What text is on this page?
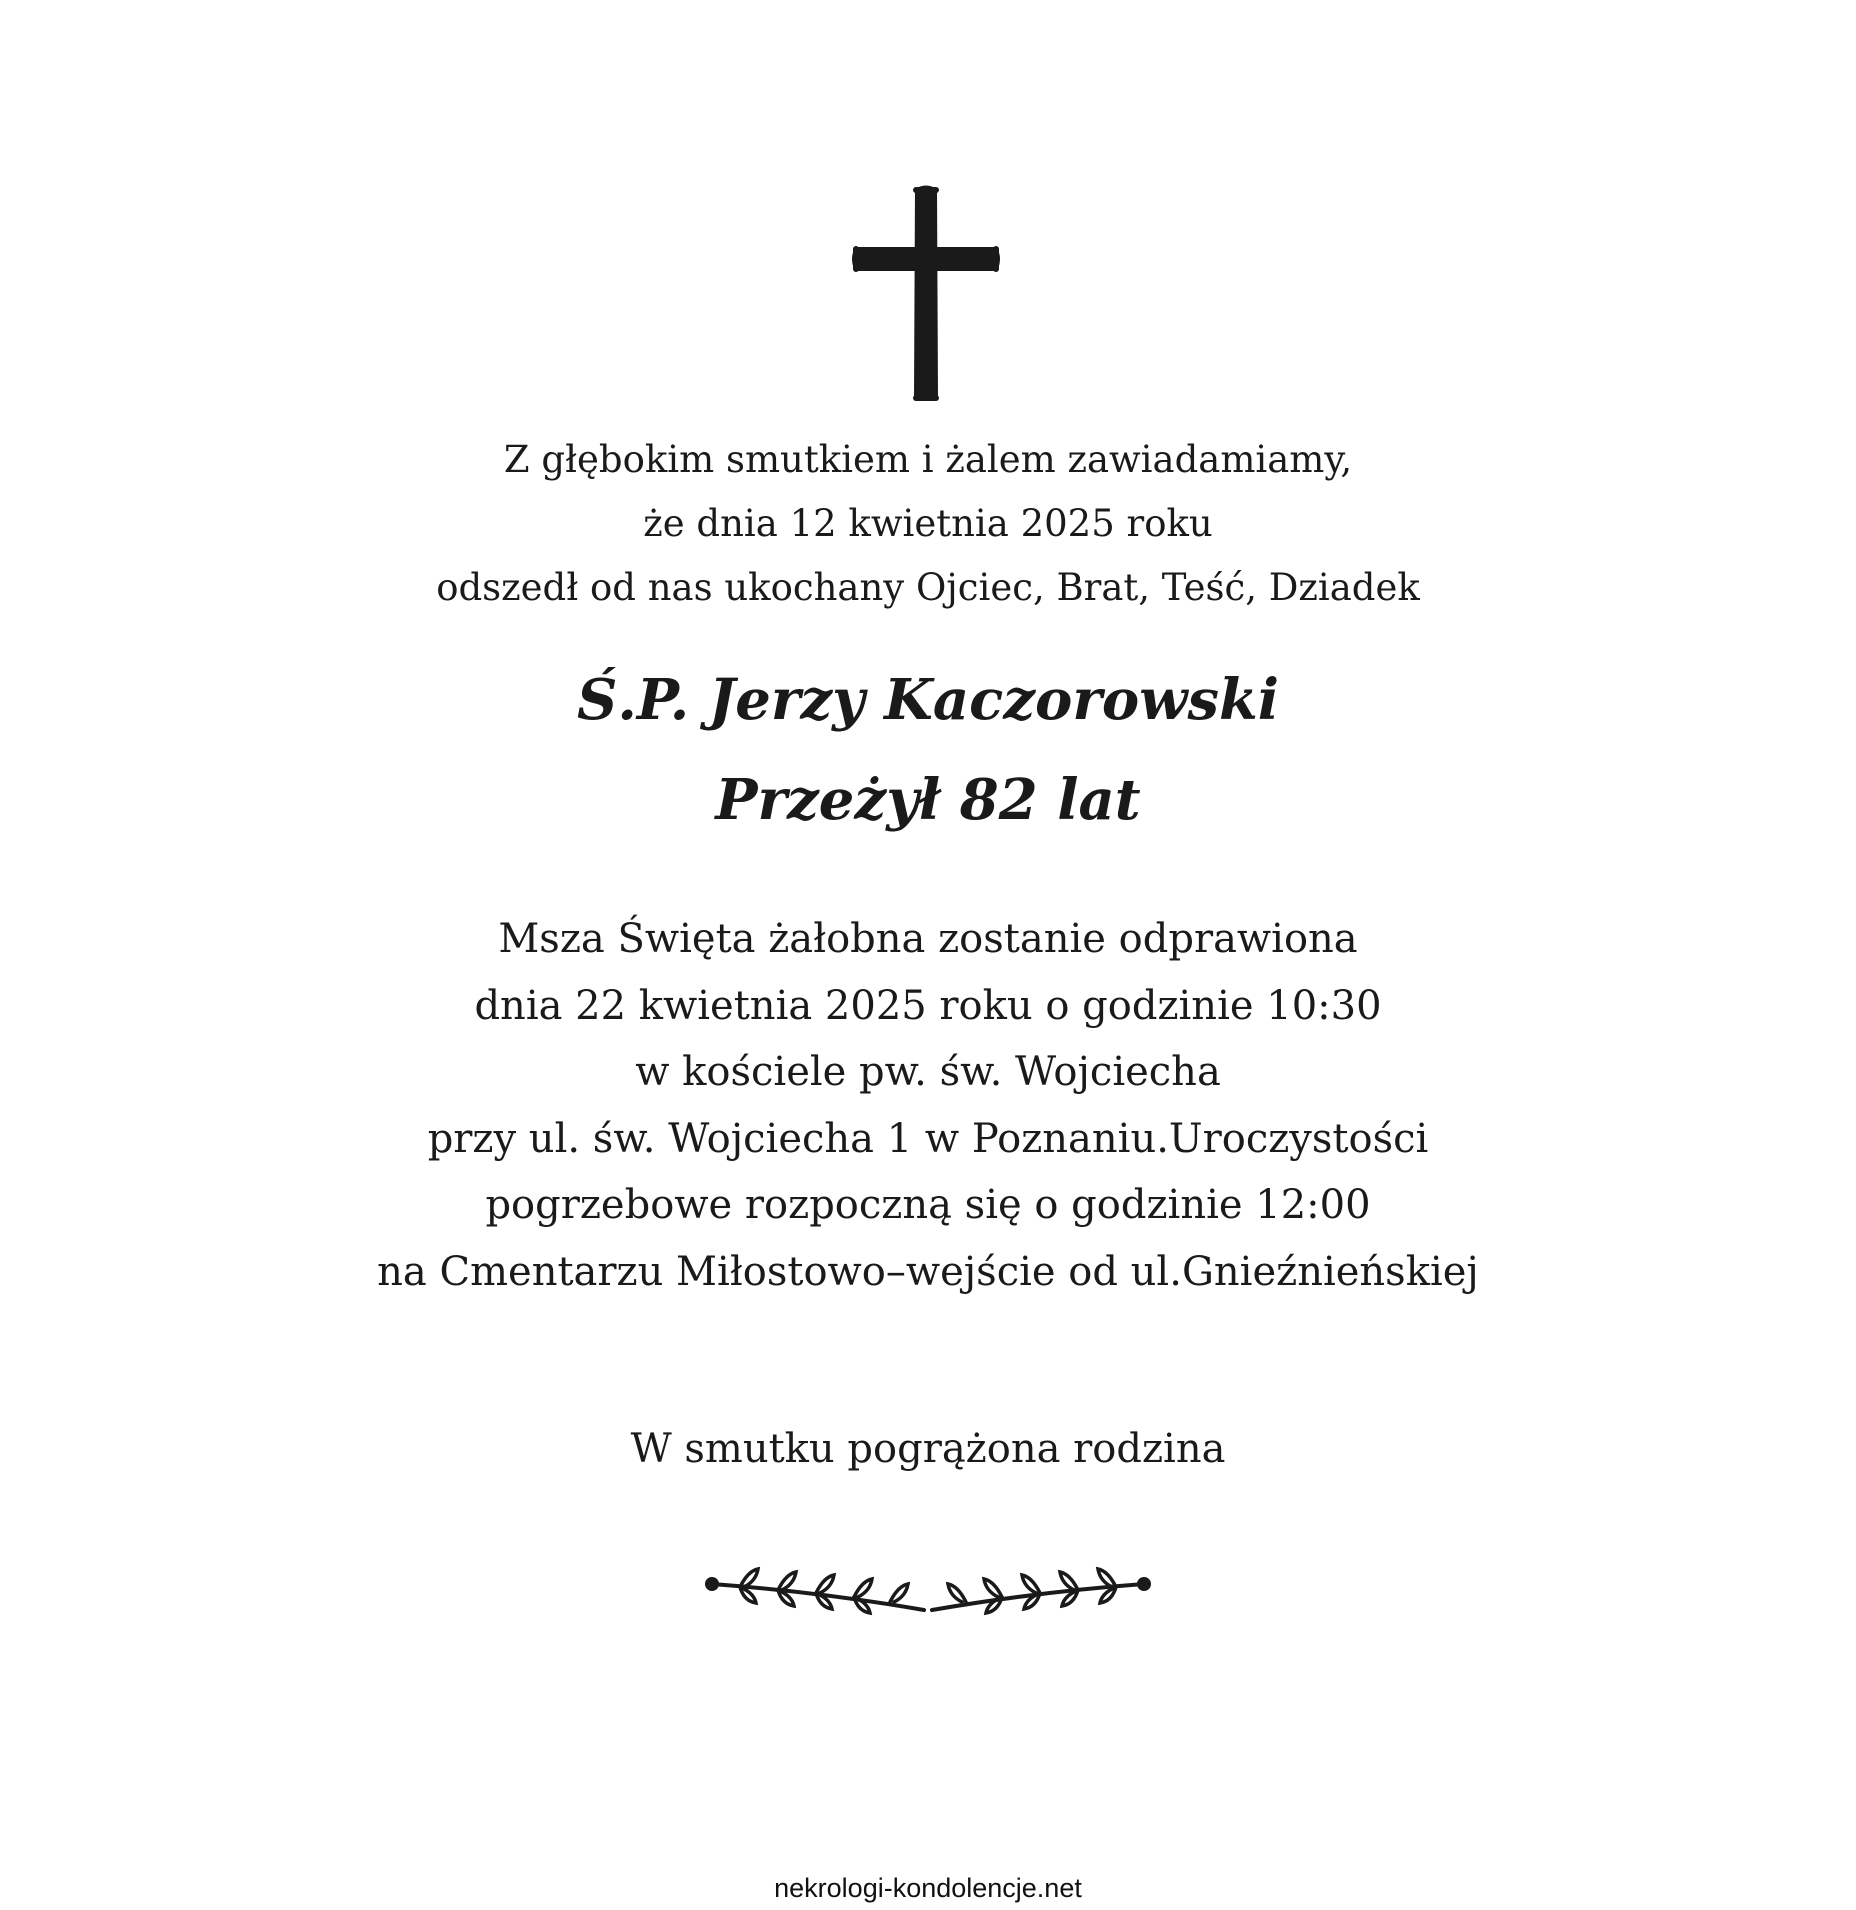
Z głębokim smutkiem i żalem zawiadamiamy,
że dnia 12 kwietnia 2025 roku
odszedł od nas ukochany Ojciec, Brat, Teść, Dziadek
Ś.P. Jerzy Kaczorowski
Przeżył 82 lat
Msza Święta żałobna zostanie odprawiona
dnia 22 kwietnia 2025 roku o godzinie 10:30
w kościele pw. św. Wojciecha
przy ul. św. Wojciecha 1 w Poznaniu.Uroczystości
pogrzebowe rozpoczną się o godzinie 12:00
na Cmentarzu Miłostowo–wejście od ul.Gnieźnieńskiej
W smutku pogrążona rodzina
nekrologi-kondolencje.net
